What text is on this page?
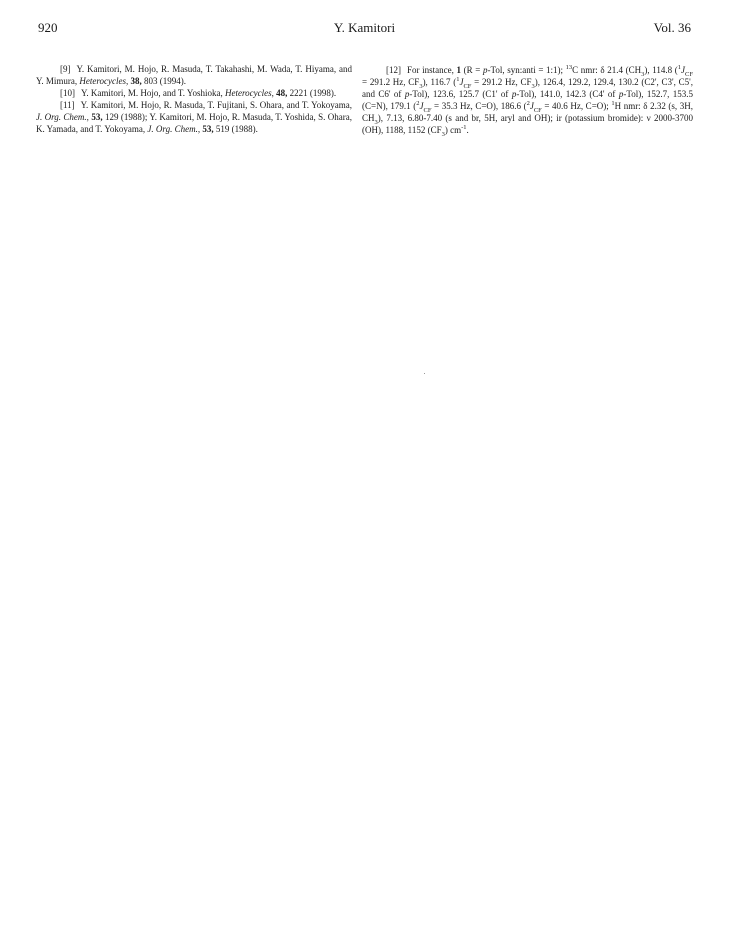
920	Y. Kamitori	Vol. 36

[9] Y. Kamitori, M. Hojo, R. Masuda, T. Takahashi, M. Wada, T. Hiyama, and Y. Mimura, Heterocycles, 38, 803 (1994).

[10] Y. Kamitori, M. Hojo, and T. Yoshioka, Heterocycles, 48, 2221 (1998).

[11] Y. Kamitori, M. Hojo, R. Masuda, T. Fujitani, S. Ohara, and T. Yokoyama, J. Org. Chem., 53, 129 (1988); Y. Kamitori, M. Hojo, R. Masuda, T. Yoshida, S. Ohara, K. Yamada, and T. Yokoyama, J. Org. Chem., 53, 519 (1988).

[12] For instance, 1 (R = p-Tol, syn:anti = 1:1); $^{13}$C nmr: δ 21.4 $(CH_3)$, 114.8 ($^1J_{CF} = 291.2$ Hz, $CF_3$), 116.7 ($^1J_{CF} = 291.2$ Hz, $CF_3$), 126.4, 129.2, 129.4, 130.2 (C2', C3', C5', and C6' of p-Tol), 123.6, 125.7 (C1' of p-Tol), 141.0, 142.3 (C4' of p-Tol), 152.7, 153.5 (C=N), 179.1 ($^2J_{CF} = 35.3$ Hz, C=O), 186.6 ($^2J_{CF} = 40.6$ Hz, C=O); $^1$H nmr: δ 2.32 (s, 3H, $CH_3$), 7.13, 6.80-7.40 (s and br, 5H, aryl and OH); ir (potassium bromide): ν 2000-3700 (OH), 1188, 1152 $(CF_3)$ $cm^{-1}$.
